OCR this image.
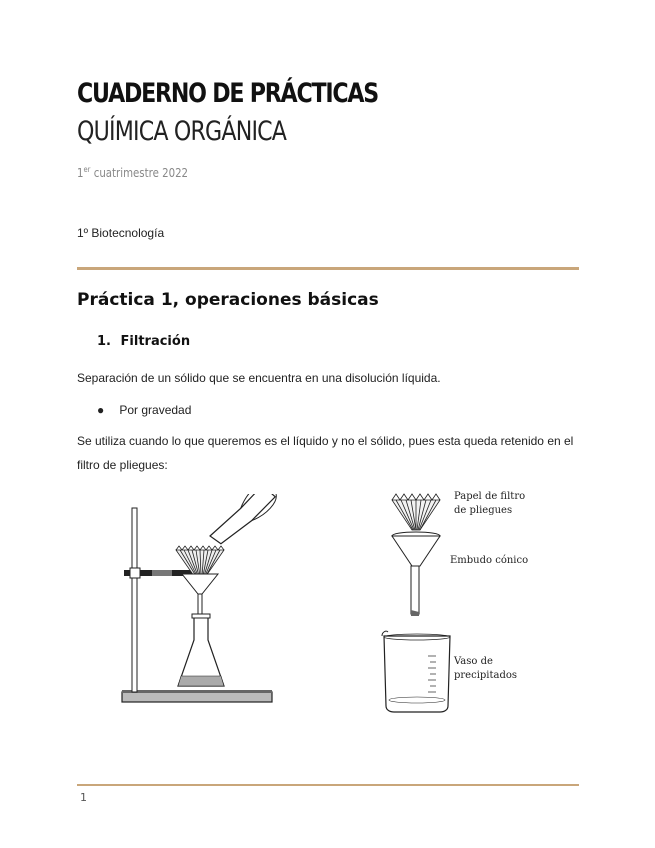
CUADERNO DE PRÁCTICAS
QUÍMICA ORGÁNICA
1er cuatrimestre 2022
1º Biotecnología
Práctica 1, operaciones básicas
1. Filtración
Separación de un sólido que se encuentra en una disolución líquida.
● Por gravedad
Se utiliza cuando lo que queremos es el líquido y no el sólido, pues esta queda retenido en el filtro de pliegues:
Papel de filtro
de pliegues
Embudo cónico
Vaso de
precipitados
1
